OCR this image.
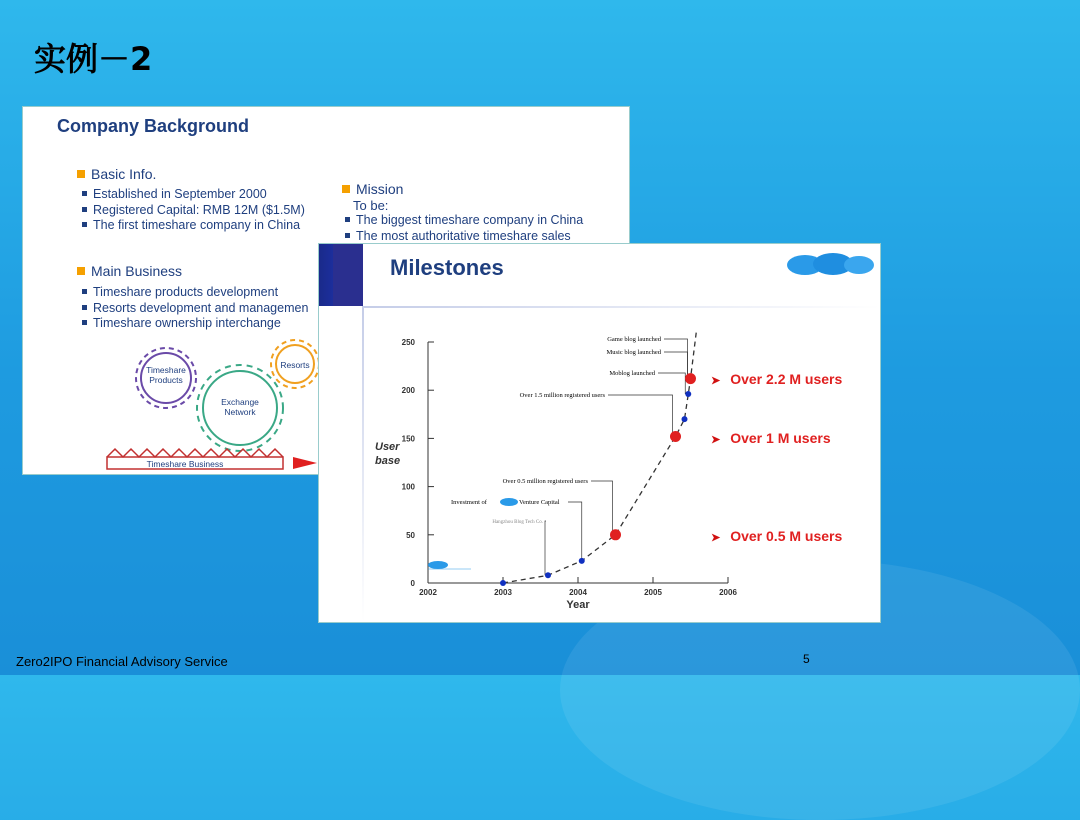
实例－2
Company Background
Basic Info.
Established in September 2000
Registered Capital: RMB 12M ($1.5M)
The first timeshare company in China
Mission
To be:
The biggest timeshare company in China
The most authoritative timeshare sales
Main Business
Timeshare products development
Resorts development and managemen
Timeshare ownership interchange
Timeshare Products
Exchange Network
Resorts
Timeshare Business
Milestones
0
50
100
150
200
250
2002	2003	2004	2005	2006
Game blog launched
Music blog launched
Moblog launched
Over 1.5 million registered users
Over 0.5 million registered users
Hangzhou Blog Tech Co.
Investment of	Venture Capital
Year
User base
➤ Over 2.2 M users
➤ Over 1 M users
➤ Over 0.5 M users
Zero2IPO Financial Advisory Service	5
